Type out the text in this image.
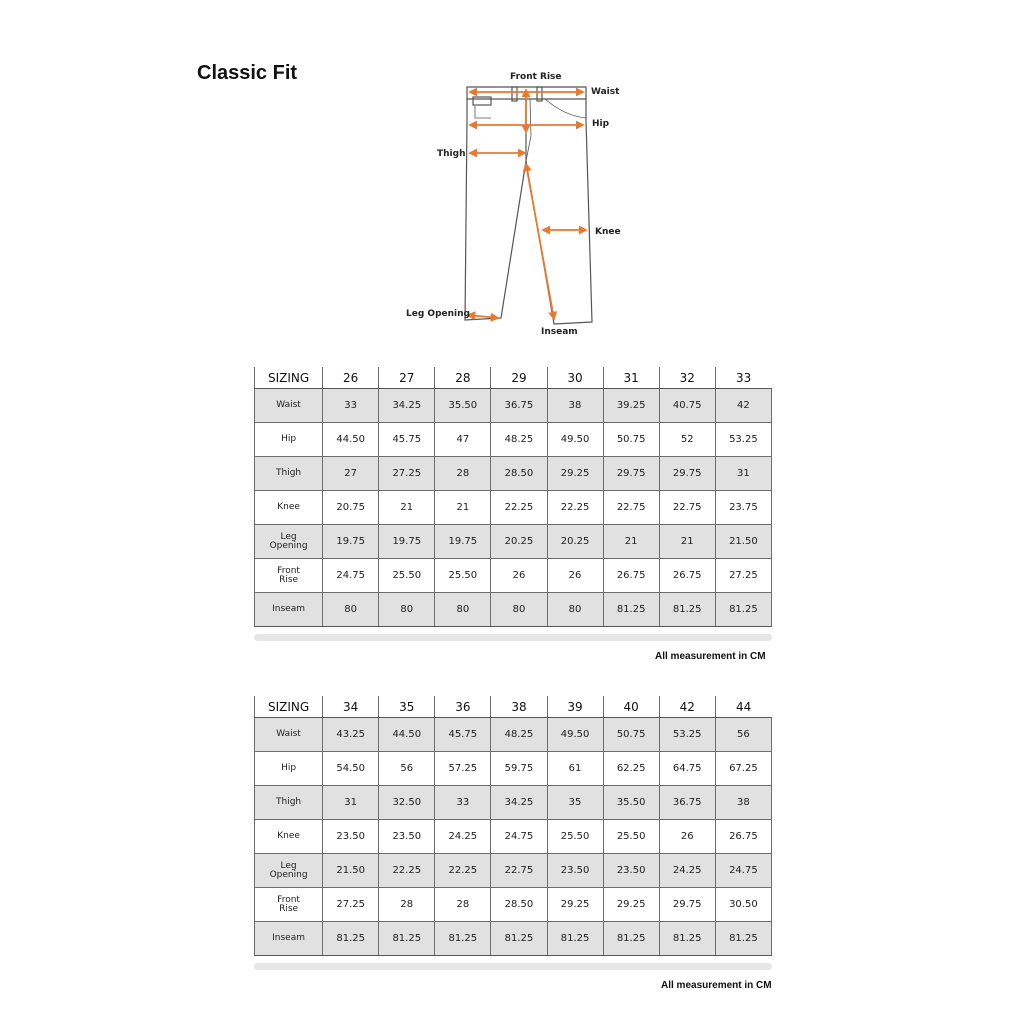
Classic Fit	Front Rise
Waist
Hip
Thigh
Knee
Leg Opening
Inseam
SIZING	26	27	28	29	30	31	32	33
Waist	33	34.25	35.50	36.75	38	39.25	40.75	42
Hip	44.50	45.75	47	48.25	49.50	50.75	52	53.25
Thigh	27	27.25	28	28.50	29.25	29.75	29.75	31
Knee	20.75	21	21	22.25	22.25	22.75	22.75	23.75
Leg
Opening	19.75	19.75	19.75	20.25	20.25	21	21	21.50
Front
Rise	24.75	25.50	25.50	26	26	26.75	26.75	27.25
Inseam	80	80	80	80	80	81.25	81.25	81.25
All measurement in CM
SIZING	34	35	36	38	39	40	42	44
Waist	43.25	44.50	45.75	48.25	49.50	50.75	53.25	56
Hip	54.50	56	57.25	59.75	61	62.25	64.75	67.25
Thigh	31	32.50	33	34.25	35	35.50	36.75	38
Knee	23.50	23.50	24.25	24.75	25.50	25.50	26	26.75
Leg
Opening	21.50	22.25	22.25	22.75	23.50	23.50	24.25	24.75
Front
Rise	27.25	28	28	28.50	29.25	29.25	29.75	30.50
Inseam	81.25	81.25	81.25	81.25	81.25	81.25	81.25	81.25
All measurement in CM
